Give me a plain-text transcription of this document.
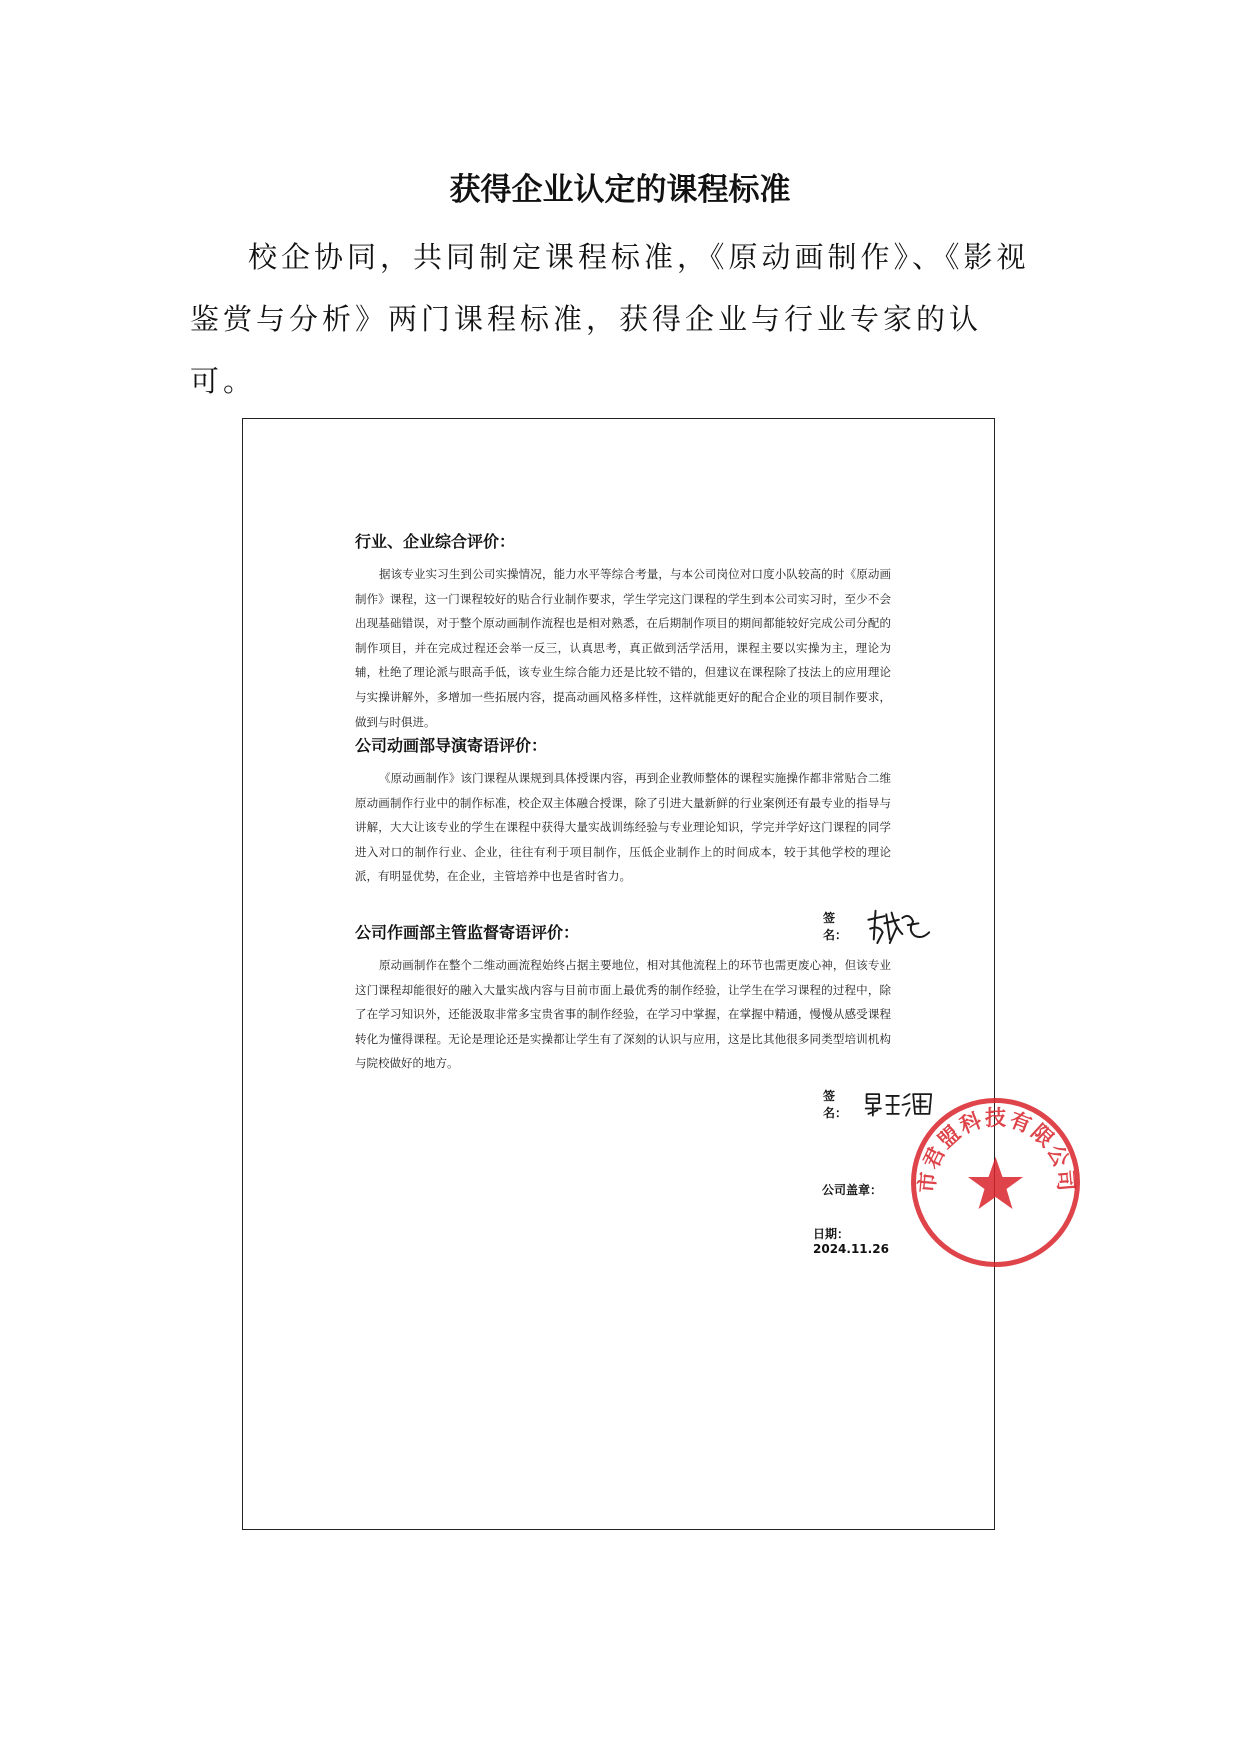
获得企业认定的课程标准
校企协同，共同制定课程标准，《原动画制作》、《影视鉴赏与分析》两门课程标准，获得企业与行业专家的认可。
行业、企业综合评价：

据该专业实习生到公司实操情况，能力水平等综合考量，与本公司岗位对口度小队较高的时《原动画制作》课程，这一门课程较好的贴合行业制作要求，学生学完这门课程的学生到本公司实习时，至少不会出现基础错误，对于整个原动画制作流程也是相对熟悉，在后期制作项目的期间都能较好完成公司分配的制作项目，并在完成过程还会举一反三，认真思考，真正做到活学活用，课程主要以实操为主，理论为辅，杜绝了理论派与眼高手低，该专业生综合能力还是比较不错的，但建议在课程除了技法上的应用理论与实操讲解外，多增加一些拓展内容，提高动画风格多样性，这样就能更好的配合企业的项目制作要求，做到与时俱进。

公司动画部导演寄语评价：

《原动画制作》该门课程从课规到具体授课内容，再到企业教师整体的课程实施操作都非常贴合二维原动画制作行业中的制作标准，校企双主体融合授课，除了引进大量新鲜的行业案例还有最专业的指导与讲解，大大让该专业的学生在课程中获得大量实战训练经验与专业理论知识，学完并学好这门课程的同学进入对口的制作行业、企业，往往有利于项目制作，压低企业制作上的时间成本，较于其他学校的理论派，有明显优势，在企业，主管培养中也是省时省力。

签名：
公司作画部主管监督寄语评价：

原动画制作在整个二维动画流程始终占据主要地位，相对其他流程上的环节也需更废心神，但该专业这门课程却能很好的融入大量实战内容与目前市面上最优秀的制作经验，让学生在学习课程的过程中，除了在学习知识外，还能汲取非常多宝贵省事的制作经验，在学习中掌握，在掌握中精通，慢慢从感受课程转化为懂得课程。无论是理论还是实操都让学生有了深刻的认识与应用，这是比其他很多同类型培训机构与院校做好的地方。

签名：
公司盖章：
日期：2024.11.26
市君盟科技有限公司
